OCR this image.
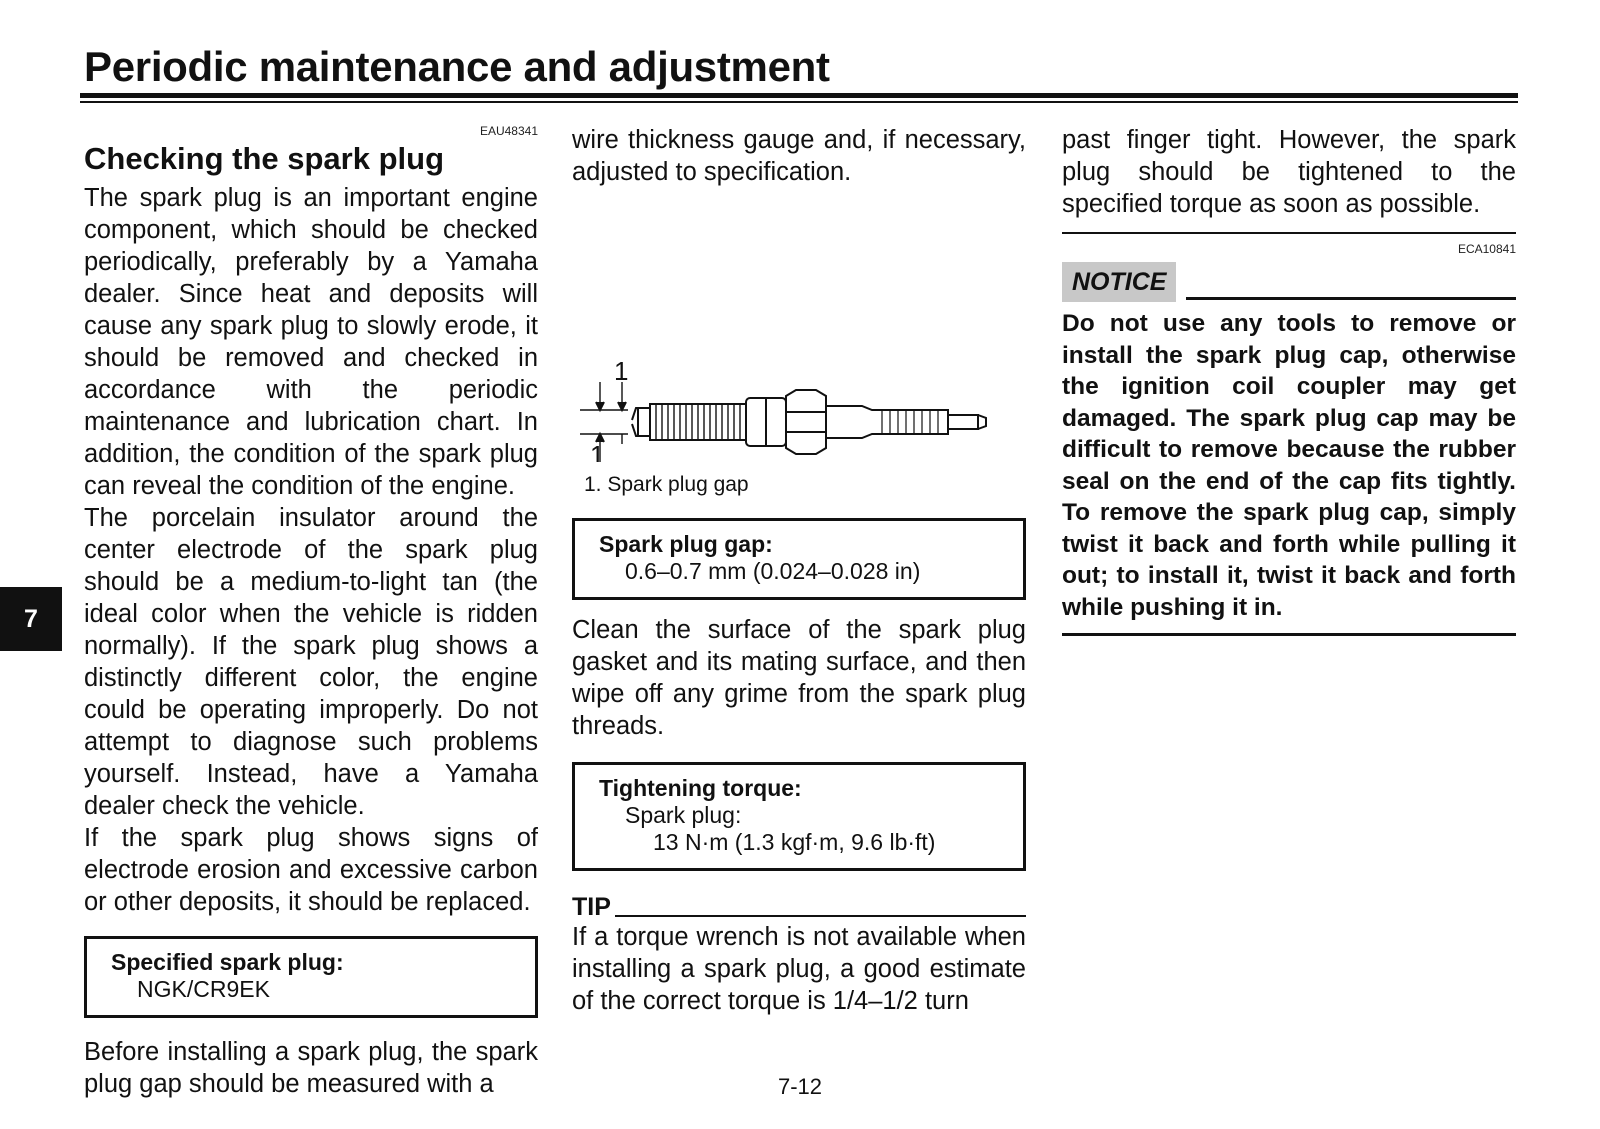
Periodic maintenance and adjustment
7
EAU48341
Checking the spark plug

The spark plug is an important engine component, which should be checked periodically, preferably by a Yamaha dealer. Since heat and deposits will cause any spark plug to slowly erode, it should be removed and checked in accordance with the periodic maintenance and lubrication chart. In addition, the condition of the spark plug can reveal the condition of the engine.

The porcelain insulator around the center electrode of the spark plug should be a medium-to-light tan (the ideal color when the vehicle is ridden normally). If the spark plug shows a distinctly different color, the engine could be operating improperly. Do not attempt to diagnose such problems yourself. Instead, have a Yamaha dealer check the vehicle.

If the spark plug shows signs of electrode erosion and excessive carbon or other deposits, it should be replaced.

Specified spark plug:
NGK/CR9EK

Before installing a spark plug, the spark plug gap should be measured with a

wire thickness gauge and, if necessary, adjusted to specification.

1
1
1. Spark plug gap
Spark plug gap:
0.6–0.7 mm (0.024–0.028 in)

Clean the surface of the spark plug gasket and its mating surface, and then wipe off any grime from the spark plug threads.

Tightening torque:
Spark plug:
13 N·m (1.3 kgf·m, 9.6 lb·ft)
TIP

If a torque wrench is not available when installing a spark plug, a good estimate of the correct torque is 1/4–1/2 turn

past finger tight. However, the spark plug should be tightened to the specified torque as soon as possible.

ECA10841
NOTICE
Do not use any tools to remove or install the spark plug cap, otherwise the ignition coil coupler may get damaged. The spark plug cap may be difficult to remove because the rubber seal on the end of the cap fits tightly. To remove the spark plug cap, simply twist it back and forth while pulling it out; to install it, twist it back and forth while pushing it in.
7-12
